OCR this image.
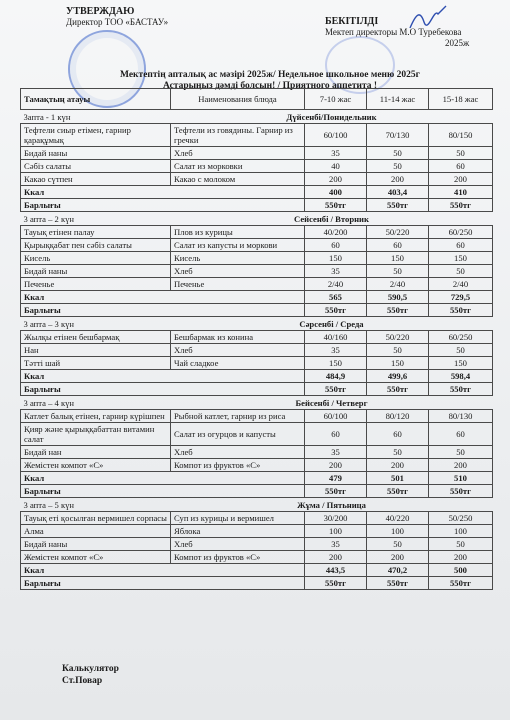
УТВЕРЖДАЮ
Директор ТОО «БАСТАУ»	БЕКІТІЛДІ
Мектеп директоры М.О Туребекова
2025ж
Мектептің апталық ас мәзірі 2025ж/ Недельное школьное меню 2025г
Астарыңыз дәмді болсын! / Приятного аппетита !
Тамақтың атауы	Наименования блюда	7-10 жас	11-14 жас	15-18 жас
3апта - 1 күн	Дүйсенбі/Понидельник			
Тефтели сиыр етімен, гарнир қарақұмық	Тефтели из говядины. Гарнир из гречки	60/100	70/130	80/150
Бидай наны	Хлеб	35	50	50
Сәбіз салаты	Салат из морковки	40	50	60
Какао сүтпен	Какао с молоком	200	200	200
Ккал		400	403,4	410
Барлығы		550тг	550тг	550тг
3 апта – 2 күн	Сейсенбі / Вторник			
Тауық етінен палау	Плов из курицы	40/200	50/220	60/250
Қырыққабат пен сәбіз салаты	Салат из капусты и моркови	60	60	60
Кисель	Кисель	150	150	150
Бидай наны	Хлеб	35	50	50
Печенье	Печенье	2/40	2/40	2/40
Ккал		565	590,5	729,5
Барлығы		550тг	550тг	550тг
3 апта – 3 күн	Сәрсенбі / Среда			
Жылқы етінен бешбармақ	Бешбармак из конина	40/160	50/220	60/250
Нан	Хлеб	35	50	50
Тәтті шай	Чай сладкое	150	150	150
Ккал		484,9	499,6	598,4
Барлығы		550тг	550тг	550тг
3 апта – 4 күн	Бейсенбі / Четверг			
Катлет балық етінен, гарнир күрішпен	Рыбной катлет, гарнир из риса	60/100	80/120	80/130
Қияр және қырыққабаттан витамин салат	Салат из огурцов и капусты	60	60	60
Бидай нан	Хлеб	35	50	50
Жемістен компот «С»	Компот из фруктов «С»	200	200	200
Ккал		479	501	510
Барлығы		550тг	550тг	550тг
3 апта – 5 күн	Жұма / Пятьница			
Тауық еті қосылған вермишел сорпасы	Суп из курицы и вермишел	30/200	40/220	50/250
Алма	Яблока	100	100	100
Бидай наны	Хлеб	35	50	50
Жемістен компот «С»	Компот из фруктов «С»	200	200	200
Ккал		443,5	470,2	500
Барлығы		550тг	550тг	550тг
Калькулятор
Ст.Повар
